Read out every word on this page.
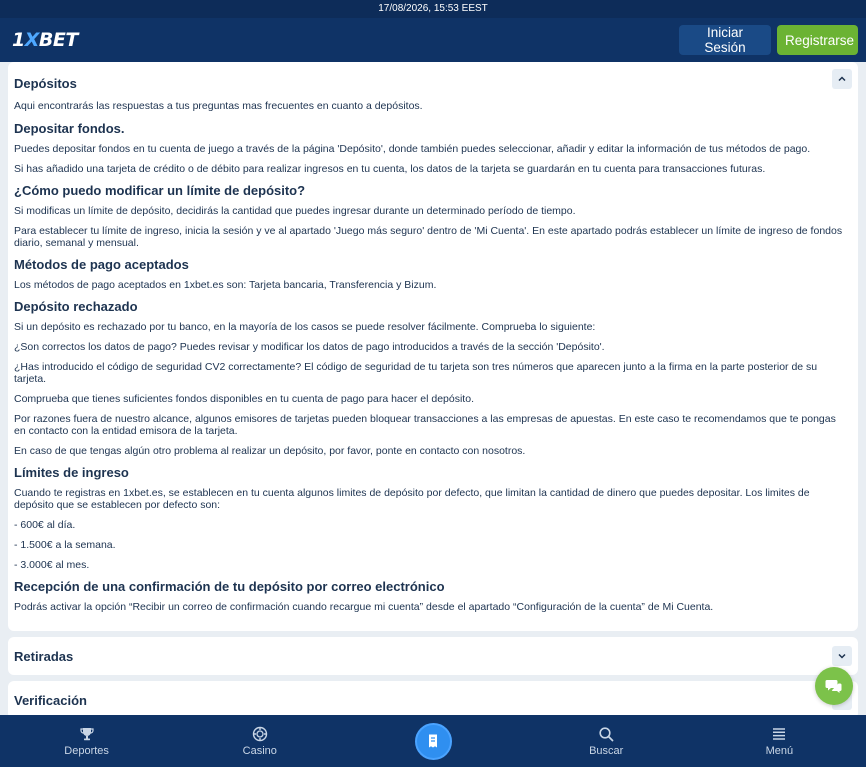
17/08/2026, 15:53 EEST
1XBET	Iniciar Sesión	Registrarse
Depósitos

Aqui encontrarás las respuestas a tus preguntas mas frecuentes en cuanto a depósitos.

Depositar fondos.

Puedes depositar fondos en tu cuenta de juego a través de la página 'Depósito', donde también puedes seleccionar, añadir y editar la información de tus métodos de pago.

Si has añadido una tarjeta de crédito o de débito para realizar ingresos en tu cuenta, los datos de la tarjeta se guardarán en tu cuenta para transacciones futuras.

¿Cómo puedo modificar un límite de depósito?

Si modificas un límite de depósito, decidirás la cantidad que puedes ingresar durante un determinado período de tiempo.

Para establecer tu límite de ingreso, inicia la sesión y ve al apartado 'Juego más seguro' dentro de 'Mi Cuenta'. En este apartado podrás establecer un límite de ingreso de fondos diario, semanal y mensual.

Métodos de pago aceptados

Los métodos de pago aceptados en 1xbet.es son: Tarjeta bancaria, Transferencia y Bizum.

Depósito rechazado

Si un depósito es rechazado por tu banco, en la mayoría de los casos se puede resolver fácilmente. Comprueba lo siguiente:

¿Son correctos los datos de pago? Puedes revisar y modificar los datos de pago introducidos a través de la sección 'Depósito'.

¿Has introducido el código de seguridad CV2 correctamente? El código de seguridad de tu tarjeta son tres números que aparecen junto a la firma en la parte posterior de su tarjeta.

Comprueba que tienes suficientes fondos disponibles en tu cuenta de pago para hacer el depósito.

Por razones fuera de nuestro alcance, algunos emisores de tarjetas pueden bloquear transacciones a las empresas de apuestas. En este caso te recomendamos que te pongas en contacto con la entidad emisora de la tarjeta.

En caso de que tengas algún otro problema al realizar un depósito, por favor, ponte en contacto con nosotros.

Límites de ingreso

Cuando te registras en 1xbet.es, se establecen en tu cuenta algunos limites de depósito por defecto, que limitan la cantidad de dinero que puedes depositar. Los limites de depósito que se establecen por defecto son:

- 600€ al día.

- 1.500€ a la semana.

- 3.000€ al mes.

Recepción de una confirmación de tu depósito por correo electrónico

Podrás activar la opción “Recibir un correo de confirmación cuando recargue mi cuenta” desde el apartado “Configuración de la cuenta” de Mi Cuenta.

Retiradas
Verificación
Deportes	Casino	Buscar	Menú
